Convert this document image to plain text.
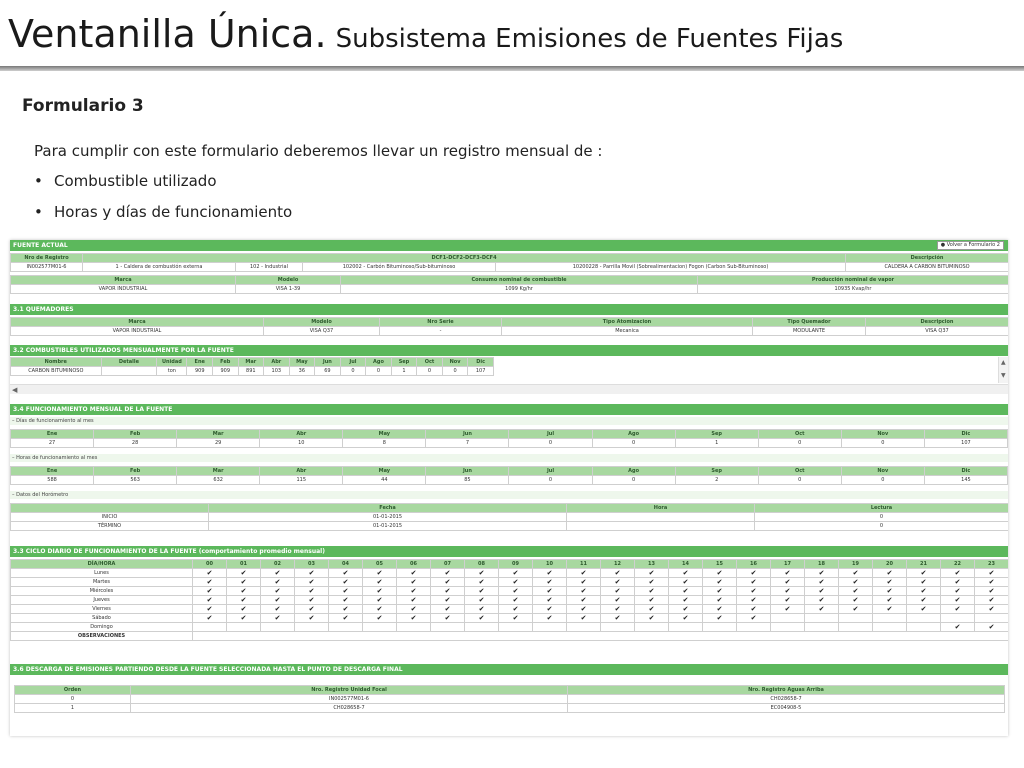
Ventanilla Única. Subsistema Emisiones de Fuentes Fijas
Formulario 3
Para cumplir con este formulario deberemos llevar un registro mensual de :
• Combustible utilizado
• Horas y días de funcionamiento
FUENTE ACTUAL	● Volver a Formulario 2
Nro de Registro	DCF1-DCF2-DCF3-DCF4				Descripción
IN002577M01-6	1 - Caldera de combustión externa	102 - Industrial	102002 - Carbón Bituminoso/Sub-bituminoso	10200228 - Parrilla Movil (Sobrealimentacion) Fogon (Carbon Sub-Bituminoso)	CALDERA A CARBON BITUMINOSO
Marca	Modelo	Consumo nominal de combustible	Producción nominal de vapor
VAPOR INDUSTRIAL	VISA 1-39	1099 Kg/hr	10935 Kvap/hr
3.1 QUEMADORES
Marca	Modelo	Nro Serie	Tipo Atomizacion	Tipo Quemador	Descripcion
VAPOR INDUSTRIAL	VISA Q37	-	Mecanica	MODULANTE	VISA Q37
3.2 COMBUSTIBLES UTILIZADOS MENSUALMENTE POR LA FUENTE
Nombre	Detalle	Unidad	Ene	Feb	Mar	Abr	May	Jun	Jul	Ago	Sep	Oct	Nov	Dic
CARBON BITUMINOSO		ton	909	909	891	103	36	69	0	0	1	0	0	107
▲
▼
◀
3.4 FUNCIONAMIENTO MENSUAL DE LA FUENTE
– Días de funcionamiento al mes
Ene	Feb	Mar	Abr	May	Jun	Jul	Ago	Sep	Oct	Nov	Dic
27	28	29	10	8	7	0	0	1	0	0	107
– Horas de funcionamiento al mes
Ene	Feb	Mar	Abr	May	Jun	Jul	Ago	Sep	Oct	Nov	Dic
588	563	632	115	44	85	0	0	2	0	0	145
– Datos del Horómetro
	Fecha	Hora	Lectura
INICIO	01-01-2015		0
TÉRMINO	01-01-2015		0
3.3 CICLO DIARIO DE FUNCIONAMIENTO DE LA FUENTE (comportamiento promedio mensual)
DÍA/HORA	00	01	02	03	04	05	06	07	08	09	10	11	12	13	14	15	16	17	18	19	20	21	22	23
Lunes	✔	✔	✔	✔	✔	✔	✔	✔	✔	✔	✔	✔	✔	✔	✔	✔	✔	✔	✔	✔	✔	✔	✔	✔
Martes	✔	✔	✔	✔	✔	✔	✔	✔	✔	✔	✔	✔	✔	✔	✔	✔	✔	✔	✔	✔	✔	✔	✔	✔
Miércoles	✔	✔	✔	✔	✔	✔	✔	✔	✔	✔	✔	✔	✔	✔	✔	✔	✔	✔	✔	✔	✔	✔	✔	✔
Jueves	✔	✔	✔	✔	✔	✔	✔	✔	✔	✔	✔	✔	✔	✔	✔	✔	✔	✔	✔	✔	✔	✔	✔	✔
Viernes	✔	✔	✔	✔	✔	✔	✔	✔	✔	✔	✔	✔	✔	✔	✔	✔	✔	✔	✔	✔	✔	✔	✔	✔
Sábado	✔	✔	✔	✔	✔	✔	✔	✔	✔	✔	✔	✔	✔	✔	✔	✔	✔							
Domingo																							✔	✔
OBSERVACIONES																								
3.6 DESCARGA DE EMISIONES PARTIENDO DESDE LA FUENTE SELECCIONADA HASTA EL PUNTO DE DESCARGA FINAL
Orden	Nro. Registro Unidad Focal	Nro. Registro Aguas Arriba
0	IN002577M01-6	CH028658-7
1	CH028658-7	EC004908-5
